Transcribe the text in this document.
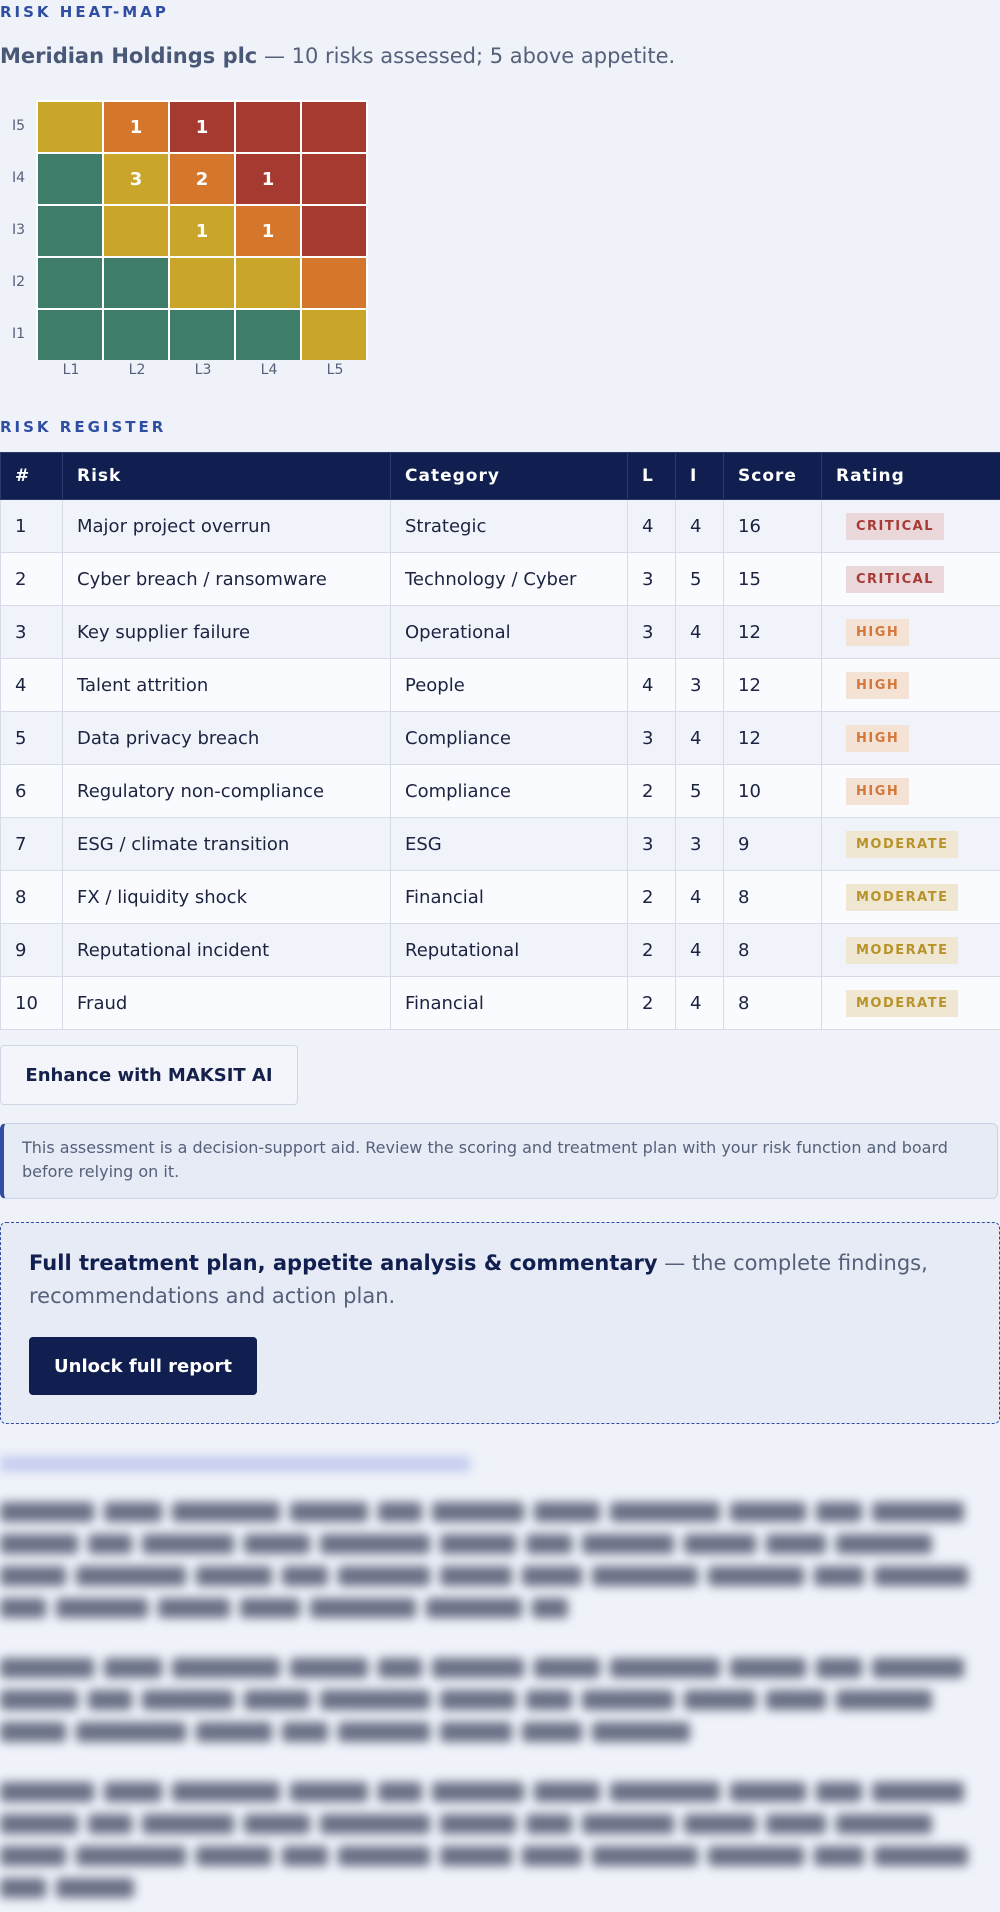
RISK HEAT-MAP
Meridian Holdings plc — 10 risks assessed; 5 above appetite.
I5
I4
I3
I2
I1
L1	L2	L3	L4	L5
1	1
3	2	1
1	1
RISK REGISTER
#	Risk	Category	L	I	Score	Rating
1	Major project overrun	Strategic	4	4	16	CRITICAL
2	Cyber breach / ransomware	Technology / Cyber	3	5	15	CRITICAL
3	Key supplier failure	Operational	3	4	12	HIGH
4	Talent attrition	People	4	3	12	HIGH
5	Data privacy breach	Compliance	3	4	12	HIGH
6	Regulatory non-compliance	Compliance	2	5	10	HIGH
7	ESG / climate transition	ESG	3	3	9	MODERATE
8	FX / liquidity shock	Financial	2	4	8	MODERATE
9	Reputational incident	Reputational	2	4	8	MODERATE
10	Fraud	Financial	2	4	8	MODERATE
Enhance with MAKSIT AI
This assessment is a decision-support aid. Review the scoring and treatment plan with your risk function and board before relying on it.
Full treatment plan, appetite analysis & commentary — the complete findings, recommendations and action plan.
Unlock full report
